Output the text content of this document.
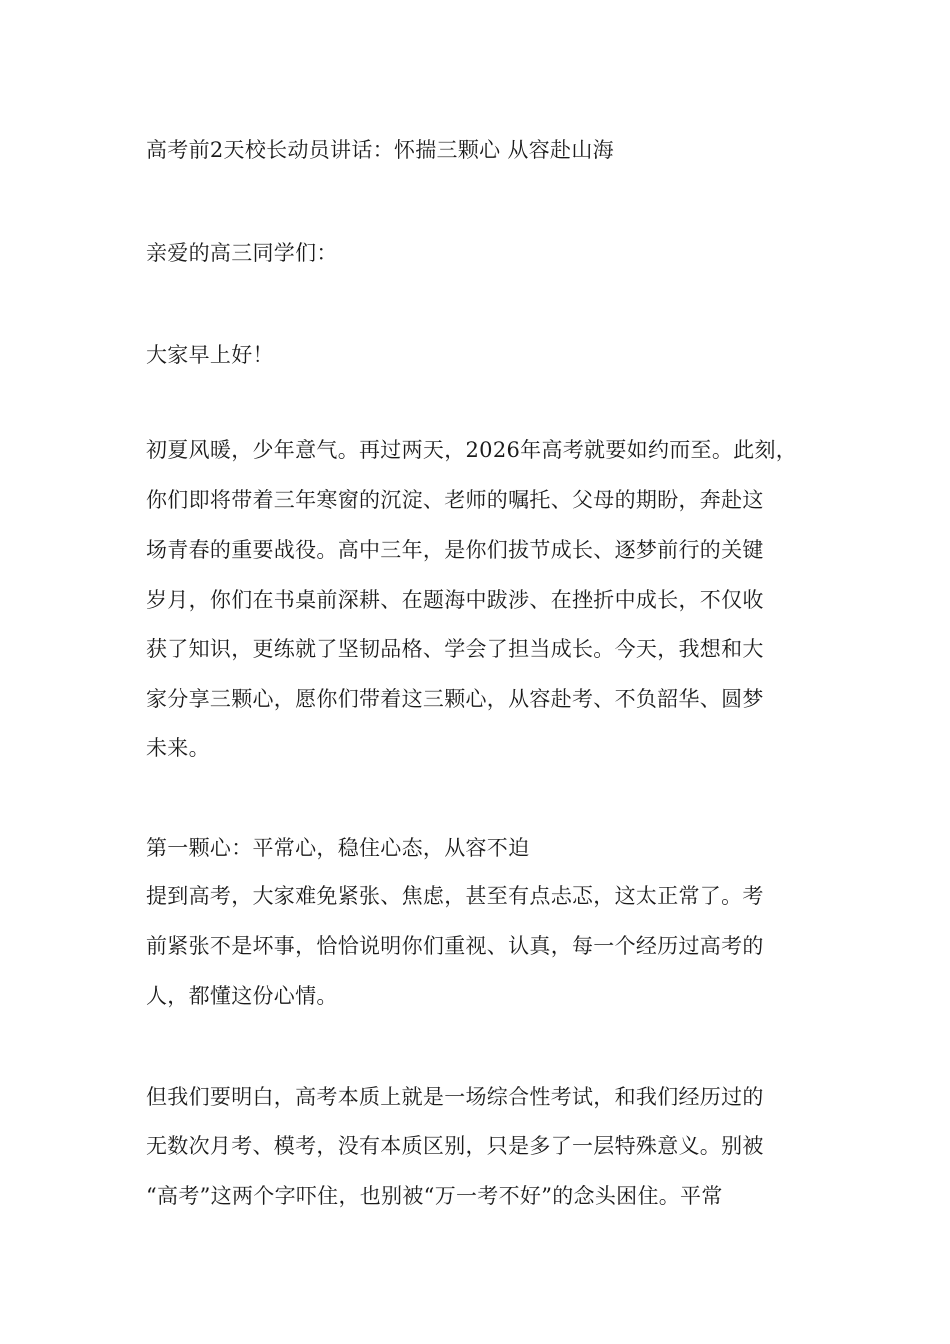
高考前2天校长动员讲话：怀揣三颗心 从容赴山海
亲爱的高三同学们：
大家早上好！
初夏风暖，少年意气。再过两天，2026年高考就要如约而至。此刻，
你们即将带着三年寒窗的沉淀、老师的嘱托、父母的期盼，奔赴这
场青春的重要战役。高中三年，是你们拔节成长、逐梦前行的关键
岁月，你们在书桌前深耕、在题海中跋涉、在挫折中成长，不仅收
获了知识，更练就了坚韧品格、学会了担当成长。今天，我想和大
家分享三颗心，愿你们带着这三颗心，从容赴考、不负韶华、圆梦
未来。
第一颗心：平常心，稳住心态，从容不迫
提到高考，大家难免紧张、焦虑，甚至有点忐忑，这太正常了。考
前紧张不是坏事，恰恰说明你们重视、认真，每一个经历过高考的
人，都懂这份心情。
但我们要明白，高考本质上就是一场综合性考试，和我们经历过的
无数次月考、模考，没有本质区别，只是多了一层特殊意义。别被
“高考”这两个字吓住，也别被“万一考不好”的念头困住。平常
